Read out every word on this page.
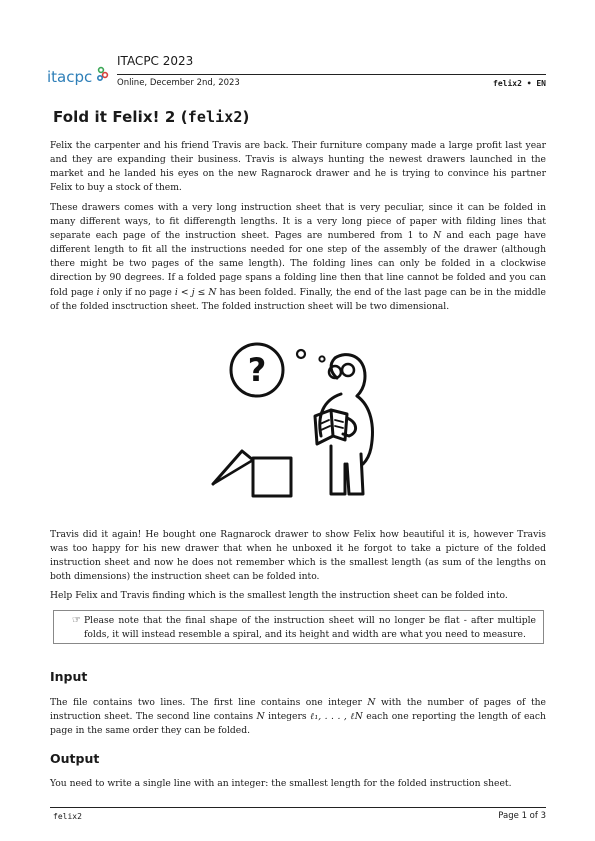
itacpc
ITACPC 2023
Online, December 2nd, 2023	felix2 • EN
Fold it Felix! 2 (felix2)

Felix the carpenter and his friend Travis are back. Their furniture company made a large profit last year and they are expanding their business. Travis is always hunting the newest drawers launched in the market and he landed his eyes on the new Ragnarock drawer and he is trying to convince his partner Felix to buy a stock of them.

These drawers comes with a very long instruction sheet that is very peculiar, since it can be folded in many different ways, to fit differength lengths. It is a very long piece of paper with filding lines that separate each page of the instruction sheet. Pages are numbered from 1 to N and each page have different length to fit all the instructions needed for one step of the assembly of the drawer (although there might be two pages of the same length). The folding lines can only be folded in a clockwise direction by 90 degrees. If a folded page spans a folding line then that line cannot be folded and you can fold page i only if no page i < j ≤ N has been folded. Finally, the end of the last page can be in the middle of the folded insctruction sheet. The folded instruction sheet will be two dimensional.

?

Travis did it again! He bought one Ragnarock drawer to show Felix how beautiful it is, however Travis was too happy for his new drawer that when he unboxed it he forgot to take a picture of the folded instruction sheet and now he does not remember which is the smallest length (as sum of the lengths on both dimensions) the instruction sheet can be folded into.

Help Felix and Travis finding which is the smallest length the instruction sheet can be folded into.

☞ Please note that the final shape of the instruction sheet will no longer be flat - after multiple folds, it will instead resemble a spiral, and its height and width are what you need to measure.

Input

The file contains two lines. The first line contains one integer N with the number of pages of the instruction sheet. The second line contains N integers ℓ₁, . . . , ℓN each one reporting the length of each page in the same order they can be folded.

Output

You need to write a single line with an integer: the smallest length for the folded instruction sheet.

felix2	Page 1 of 3
